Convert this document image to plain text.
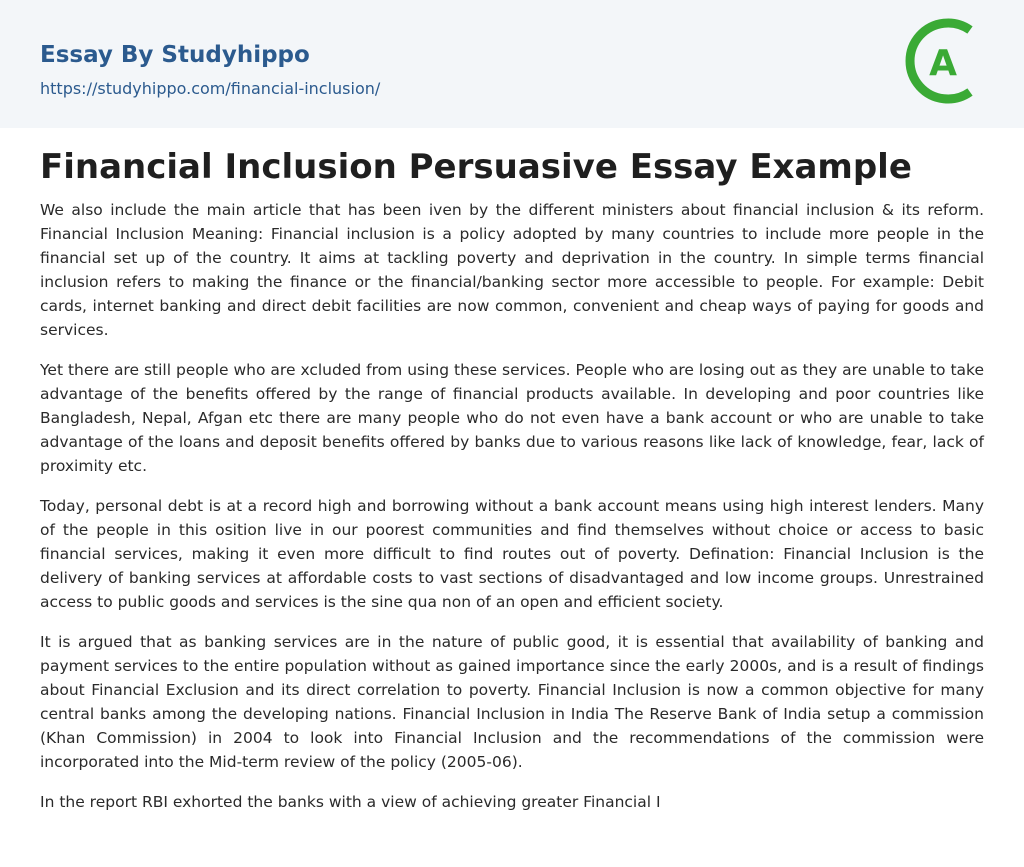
Essay By Studyhippo
https://studyhippo.com/financial-inclusion/
A
Financial Inclusion Persuasive Essay Example

We also include the main article that has been iven by the different ministers about financial inclusion & its reform. Financial Inclusion Meaning: Financial inclusion is a policy adopted by many countries to include more people in the financial set up of the country. It aims at tackling poverty and deprivation in the country. In simple terms financial inclusion refers to making the finance or the financial/banking sector more accessible to people. For example: Debit cards, internet banking and direct debit facilities are now common, convenient and cheap ways of paying for goods and services.

Yet there are still people who are xcluded from using these services. People who are losing out as they are unable to take advantage of the benefits offered by the range of financial products available. In developing and poor countries like Bangladesh, Nepal, Afgan etc there are many people who do not even have a bank account or who are unable to take advantage of the loans and deposit benefits offered by banks due to various reasons like lack of knowledge, fear, lack of proximity etc.

Today, personal debt is at a record high and borrowing without a bank account means using high interest lenders. Many of the people in this osition live in our poorest communities and find themselves without choice or access to basic financial services, making it even more difficult to find routes out of poverty. Defination: Financial Inclusion is the delivery of banking services at affordable costs to vast sections of disadvantaged and low income groups. Unrestrained access to public goods and services is the sine qua non of an open and efficient society.

It is argued that as banking services are in the nature of public good, it is essential that availability of banking and payment services to the entire population without as gained importance since the early 2000s, and is a result of findings about Financial Exclusion and its direct correlation to poverty. Financial Inclusion is now a common objective for many central banks among the developing nations. Financial Inclusion in India The Reserve Bank of India setup a commission (Khan Commission) in 2004 to look into Financial Inclusion and the recommendations of the commission were incorporated into the Mid-term review of the policy (2005-06).

In the report RBI exhorted the banks with a view of achieving greater Financial I
